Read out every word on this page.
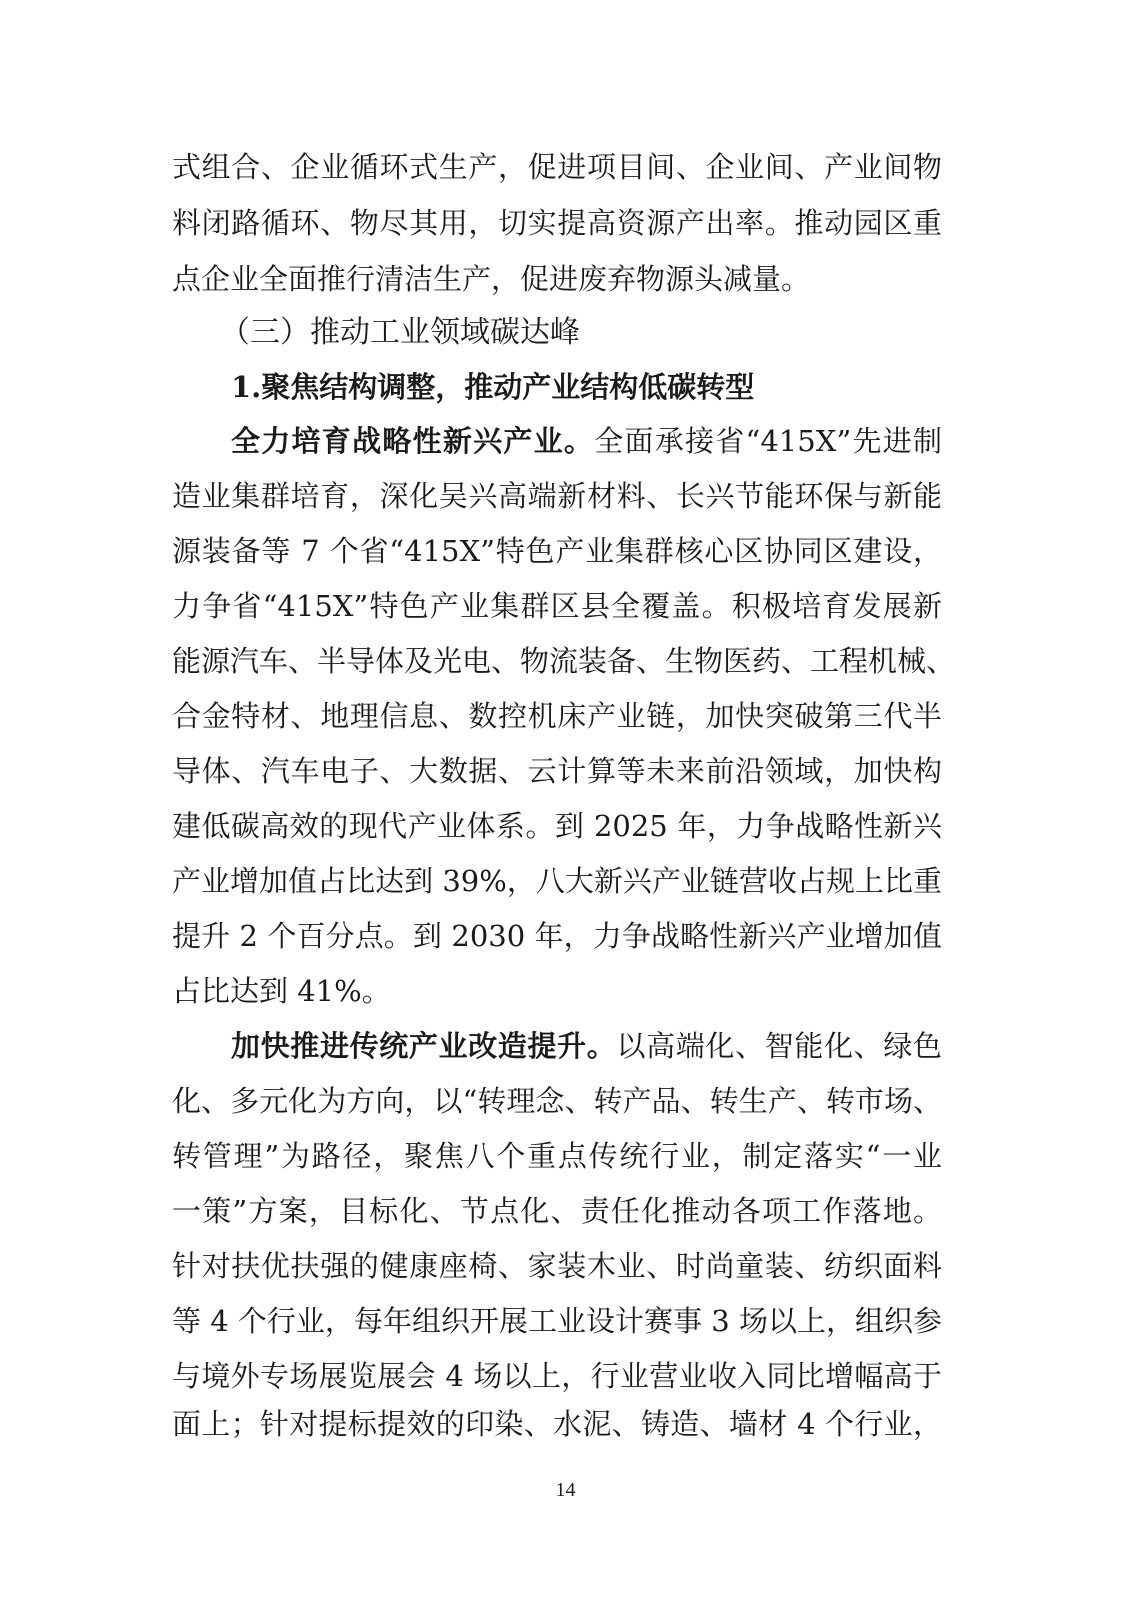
式组合、企业循环式生产，促进项目间、企业间、产业间物
料闭路循环、物尽其用，切实提高资源产出率。推动园区重
点企业全面推行清洁生产，促进废弃物源头减量。
（三）推动工业领域碳达峰
1.聚焦结构调整，推动产业结构低碳转型
全力培育战略性新兴产业。全面承接省“415X”先进制
造业集群培育，深化吴兴高端新材料、长兴节能环保与新能
源装备等 7 个省“415X”特色产业集群核心区协同区建设，
力争省“415X”特色产业集群区县全覆盖。积极培育发展新
能源汽车、半导体及光电、物流装备、生物医药、工程机械、
合金特材、地理信息、数控机床产业链，加快突破第三代半
导体、汽车电子、大数据、云计算等未来前沿领域，加快构
建低碳高效的现代产业体系。到 2025 年，力争战略性新兴
产业增加值占比达到 39%，八大新兴产业链营收占规上比重
提升 2 个百分点。到 2030 年，力争战略性新兴产业增加值
占比达到 41%。
加快推进传统产业改造提升。以高端化、智能化、绿色
化、多元化为方向，以“转理念、转产品、转生产、转市场、
转管理”为路径，聚焦八个重点传统行业，制定落实“一业
一策”方案，目标化、节点化、责任化推动各项工作落地。
针对扶优扶强的健康座椅、家装木业、时尚童装、纺织面料
等 4 个行业，每年组织开展工业设计赛事 3 场以上，组织参
与境外专场展览展会 4 场以上，行业营业收入同比增幅高于
面上；针对提标提效的印染、水泥、铸造、墙材 4 个行业，
14
